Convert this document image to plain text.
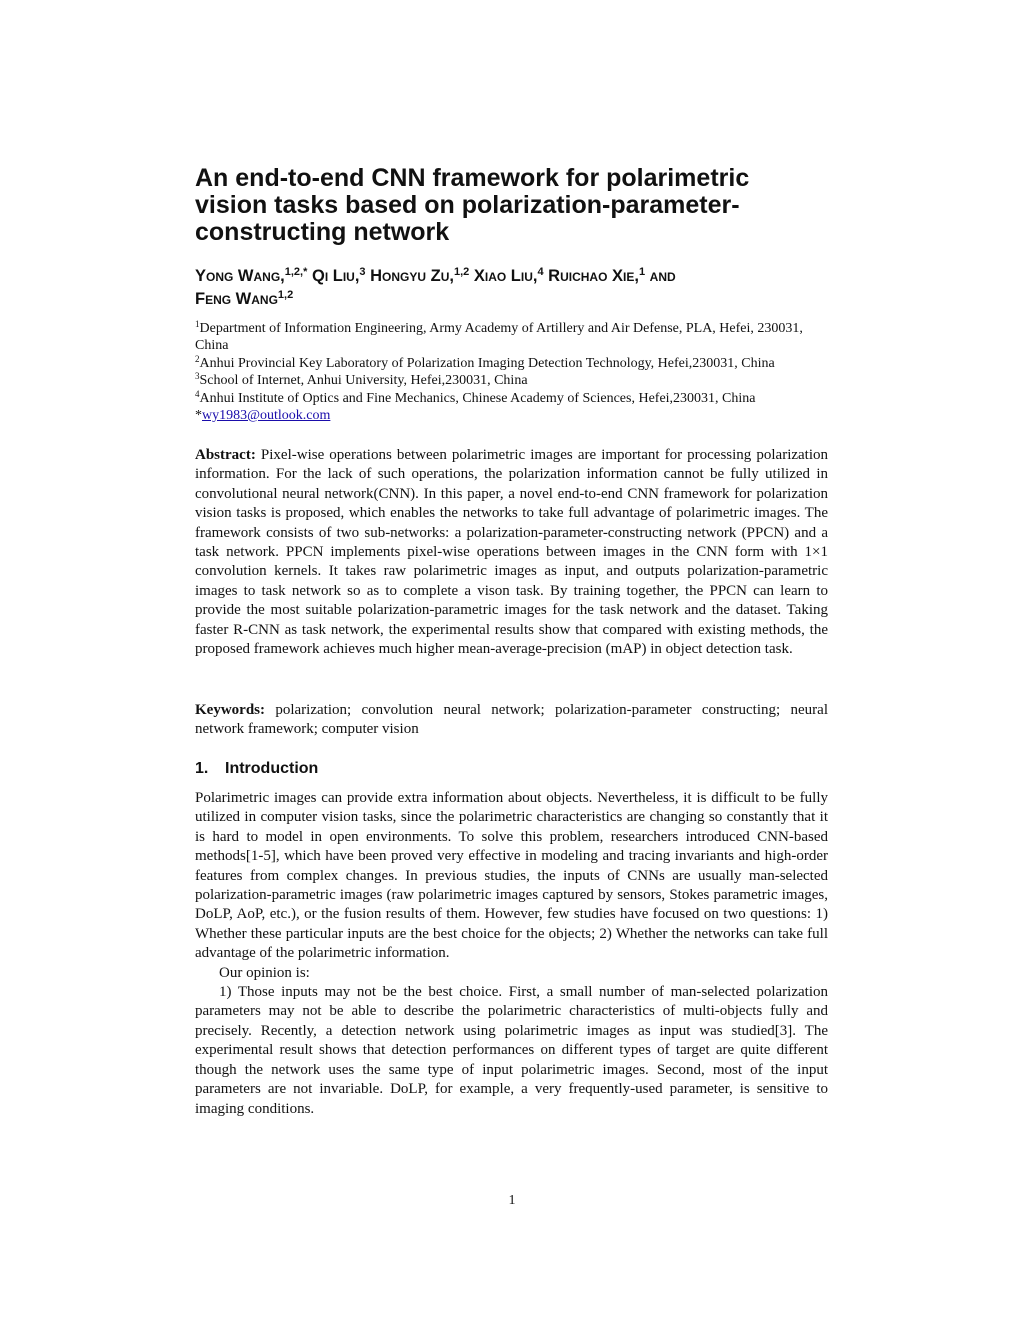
An end-to-end CNN framework for polarimetric vision tasks based on polarization-parameter-constructing network
Yong Wang,$^{1,2,*}$ Qi Liu,$^3$ Hongyu Zu,$^{1,2}$ Xiao Liu,$^4$ Ruichao Xie,$^1$ and
Feng Wang$^{1,2}$
$^1$Department of Information Engineering, Army Academy of Artillery and Air Defense, PLA, Hefei, 230031, China
$^2$Anhui Provincial Key Laboratory of Polarization Imaging Detection Technology, Hefei,230031, China
$^3$School of Internet, Anhui University, Hefei,230031, China
$^4$Anhui Institute of Optics and Fine Mechanics, Chinese Academy of Sciences, Hefei,230031, China
*wy1983@outlook.com

Abstract: Pixel-wise operations between polarimetric images are important for processing polarization information. For the lack of such operations, the polarization information cannot be fully utilized in convolutional neural network(CNN). In this paper, a novel end-to-end CNN framework for polarization vision tasks is proposed, which enables the networks to take full advantage of polarimetric images. The framework consists of two sub-networks: a polarization-parameter-constructing network (PPCN) and a task network. PPCN implements pixel-wise operations between images in the CNN form with 1×1 convolution kernels. It takes raw polarimetric images as input, and outputs polarization-parametric images to task network so as to complete a vison task. By training together, the PPCN can learn to provide the most suitable polarization-parametric images for the task network and the dataset. Taking faster R-CNN as task network, the experimental results show that compared with existing methods, the proposed framework achieves much higher mean-average-precision (mAP) in object detection task.

Keywords: polarization; convolution neural network; polarization-parameter constructing; neural network framework; computer vision

1. Introduction

Polarimetric images can provide extra information about objects. Nevertheless, it is difficult to be fully utilized in computer vision tasks, since the polarimetric characteristics are changing so constantly that it is hard to model in open environments. To solve this problem, researchers introduced CNN-based methods[1-5], which have been proved very effective in modeling and tracing invariants and high-order features from complex changes. In previous studies, the inputs of CNNs are usually man-selected polarization-parametric images (raw polarimetric images captured by sensors, Stokes parametric images, DoLP, AoP, etc.), or the fusion results of them. However, few studies have focused on two questions: 1) Whether these particular inputs are the best choice for the objects; 2) Whether the networks can take full advantage of the polarimetric information.

Our opinion is:

1) Those inputs may not be the best choice. First, a small number of man-selected polarization parameters may not be able to describe the polarimetric characteristics of multi-objects fully and precisely. Recently, a detection network using polarimetric images as input was studied[3]. The experimental result shows that detection performances on different types of target are quite different though the network uses the same type of input polarimetric images. Second, most of the input parameters are not invariable. DoLP, for example, a very frequently-used parameter, is sensitive to imaging conditions.

1
